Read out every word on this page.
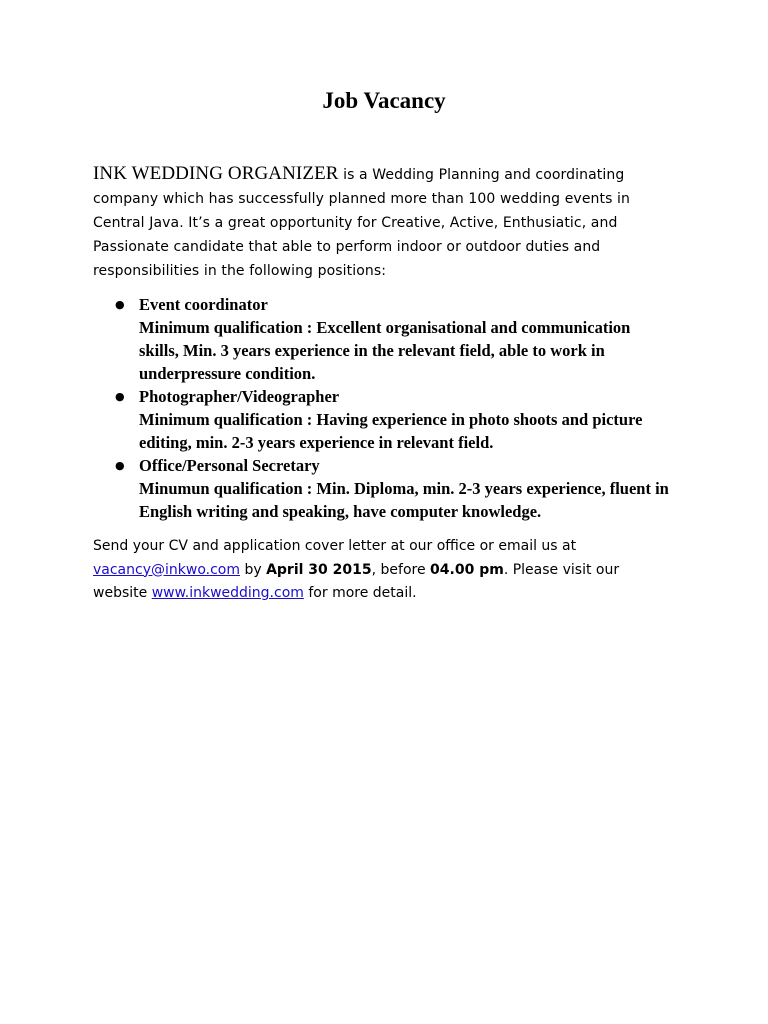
Job Vacancy

INK WEDDING ORGANIZER is a Wedding Planning and coordinating company which has successfully planned more than 100 wedding events in Central Java. It’s a great opportunity for Creative, Active, Enthusiatic, and Passionate candidate that able to perform indoor or outdoor duties and responsibilities in the following positions:

● Event coordinator
Minimum qualification : Excellent organisational and communication skills, Min. 3 years experience in the relevant field, able to work in underpressure condition.
● Photographer/Videographer
Minimum qualification : Having experience in photo shoots and picture editing, min. 2-3 years experience in relevant field.
● Office/Personal Secretary
Minumun qualification : Min. Diploma, min. 2-3 years experience, fluent in English writing and speaking, have computer knowledge.

Send your CV and application cover letter at our office or email us at vacancy@inkwo.com by April 30 2015, before 04.00 pm. Please visit our website www.inkwedding.com for more detail.
